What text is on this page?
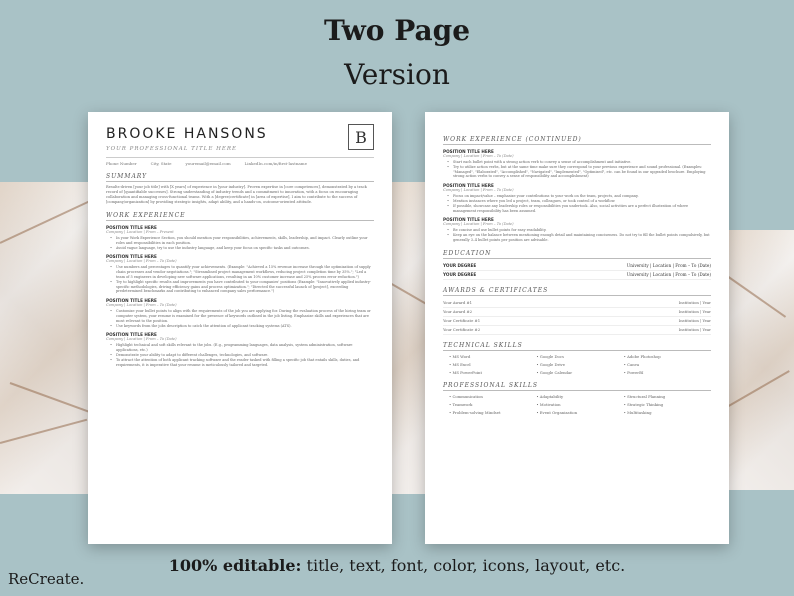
Two Page
Version
BROOKE HANSONS
YOUR PROFESSIONAL TITLE HERE
B
Phone Number	City, State	youremail@email.com	LinkedIn.com/in/first-lastname
SUMMARY
Results-driven [your job title] with [X years] of experience in [your industry]. Proven expertise in [core competences], demonstrated by a track record of [quantifiable successes]. Strong understanding of industry trends and a commitment to innovation, with a focus on encouraging collaboration and managing cross-functional teams. With a [degree/certificate] in [area of expertise], I aim to contribute to the success of [company/organization] by providing strategic insights, adapt ability, and a hands-on, outcome-oriented attitude.
WORK EXPERIENCE
POSITION TITLE HERE
Company | Location | From – Present
• In your Work Experience Section, you should mention your responsibilities, achievements, skills, leadership, and impact. Clearly outline your roles and responsibilities in each position.
• Avoid vague language, try to use the industry language, and keep your focus on specific tasks and outcomes.
POSITION TITLE HERE
Company | Location | From – To (Date)
• Use numbers and percentages to quantify your achievements. (Example: "Achieved a 15% revenue increase through the optimization of supply chain processes and vendor negotiations."; "Streamlined project management workflows, reducing project completion time by 35%."; "Led a team of 5 engineers in developing new software applications, resulting in an 10% customer increase and 25% process error reduction.")
• Try to highlight specific results and improvements you have contributed to your companies' positions (Example: "Innovatively applied industry-specific methodologies, driving efficiency gains and process optimization."; "Directed the successful launch of [project], exceeding predetermined benchmarks and contributing to enhanced company sales performance.")
POSITION TITLE HERE
Company | Location | From – To (Date)
• Customize your bullet points to align with the requirements of the job you are applying for. During the evaluation process of the hiring team or computer system, your resume is examined for the presence of keywords outlined in the job listing. Emphasize skills and experiences that are most relevant to the position.
• Use keywords from the jobs description to catch the attention of applicant tracking systems (ATS).
POSITION TITLE HERE
Company | Location | From – To (Date)
• Highlight technical and soft skills relevant to the jobs. (E.g., programming languages, data analysis, system administration, software applications, etc.)
• Demonstrate your ability to adapt to different challenges, technologies, and software.
• To attract the attention of both applicant tracking software and the reader tasked with filling a specific job that entails skills, duties, and requirements, it is imperative that your resume is meticulously tailored and targeted.
WORK EXPERIENCE (CONTINUED)
POSITION TITLE HERE
Company | Location | From – To (Date)
• Start each bullet point with a strong action verb to convey a sense of accomplishment and initiative.
• Try to utilize action verbs, but at the same time make sure they correspond to your previous experience and sound professional. (Examples: "Managed", "Elaborated", "Accomplished", "Navigated", "Implemented", "Optimized", etc. can be found in our upgraded brochure. Employing strong action verbs to convey a sense of responsibility and accomplishment)
POSITION TITLE HERE
Company | Location | From – To (Date)
• Focus on impact/value – emphasize your contributions to your work on the team, projects, and company.
• Mention instances where you led a project, team, colleagues, or took control of a workflow.
• If possible, showcase any leadership roles or responsibilities you undertook. Also, social activities are a perfect illustration of where management responsibility has been assumed.
POSITION TITLE HERE
Company | Location | From – To (Date)
• Be concise and use bullet points for easy readability.
• Keep an eye on the balance between mentioning enough detail and maintaining conciseness. Do not try to fill the bullet points compulsively, but generally 3–4 bullet points per position are advisable.
EDUCATION
YOUR DEGREE	University | Location | From – To (Date)
YOUR DEGREE	University | Location | From – To (Date)
AWARDS & CERTIFICATES
Your Award #1	Institution | Year
Your Award #2	Institution | Year
Your Certificate #1	Institution | Year
Your Certificate #2	Institution | Year
TECHNICAL SKILLS
• MS Word	• Google Docs	• Adobe Photoshop
• MS Excel	• Google Drive	• Canva
• MS PowerPoint	• Google Calendar	• PowerBI
PROFESSIONAL SKILLS
• Communication	• Adaptability	• Structural Planning
• Teamwork	• Motivation	• Strategic Thinking
• Problem-solving Mindset	• Event Organization	• Multitasking
100% editable: title, text, font, color, icons, layout, etc.
ReCreate.
